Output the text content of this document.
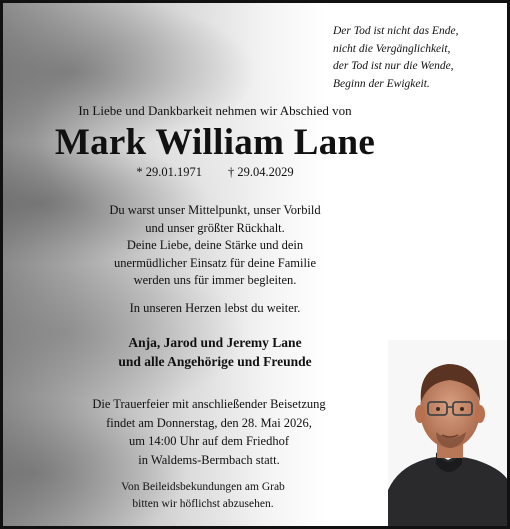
Der Tod ist nicht das Ende,
nicht die Vergänglichkeit,
der Tod ist nur die Wende,
Beginn der Ewigkeit.
In Liebe und Dankbarkeit nehmen wir Abschied von
Mark William Lane
* 29.01.1971 † 29.04.2029
Du warst unser Mittelpunkt, unser Vorbild
und unser größter Rückhalt.
Deine Liebe, deine Stärke und dein
unermüdlicher Einsatz für deine Familie
werden uns für immer begleiten.
In unseren Herzen lebst du weiter.
Anja, Jarod und Jeremy Lane
und alle Angehörige und Freunde
Die Trauerfeier mit anschließender Beisetzung
findet am Donnerstag, den 28. Mai 2026,
um 14:00 Uhr auf dem Friedhof
in Waldems-Bermbach statt.
Von Beileidsbekundungen am Grab
bitten wir höflichst abzusehen.
